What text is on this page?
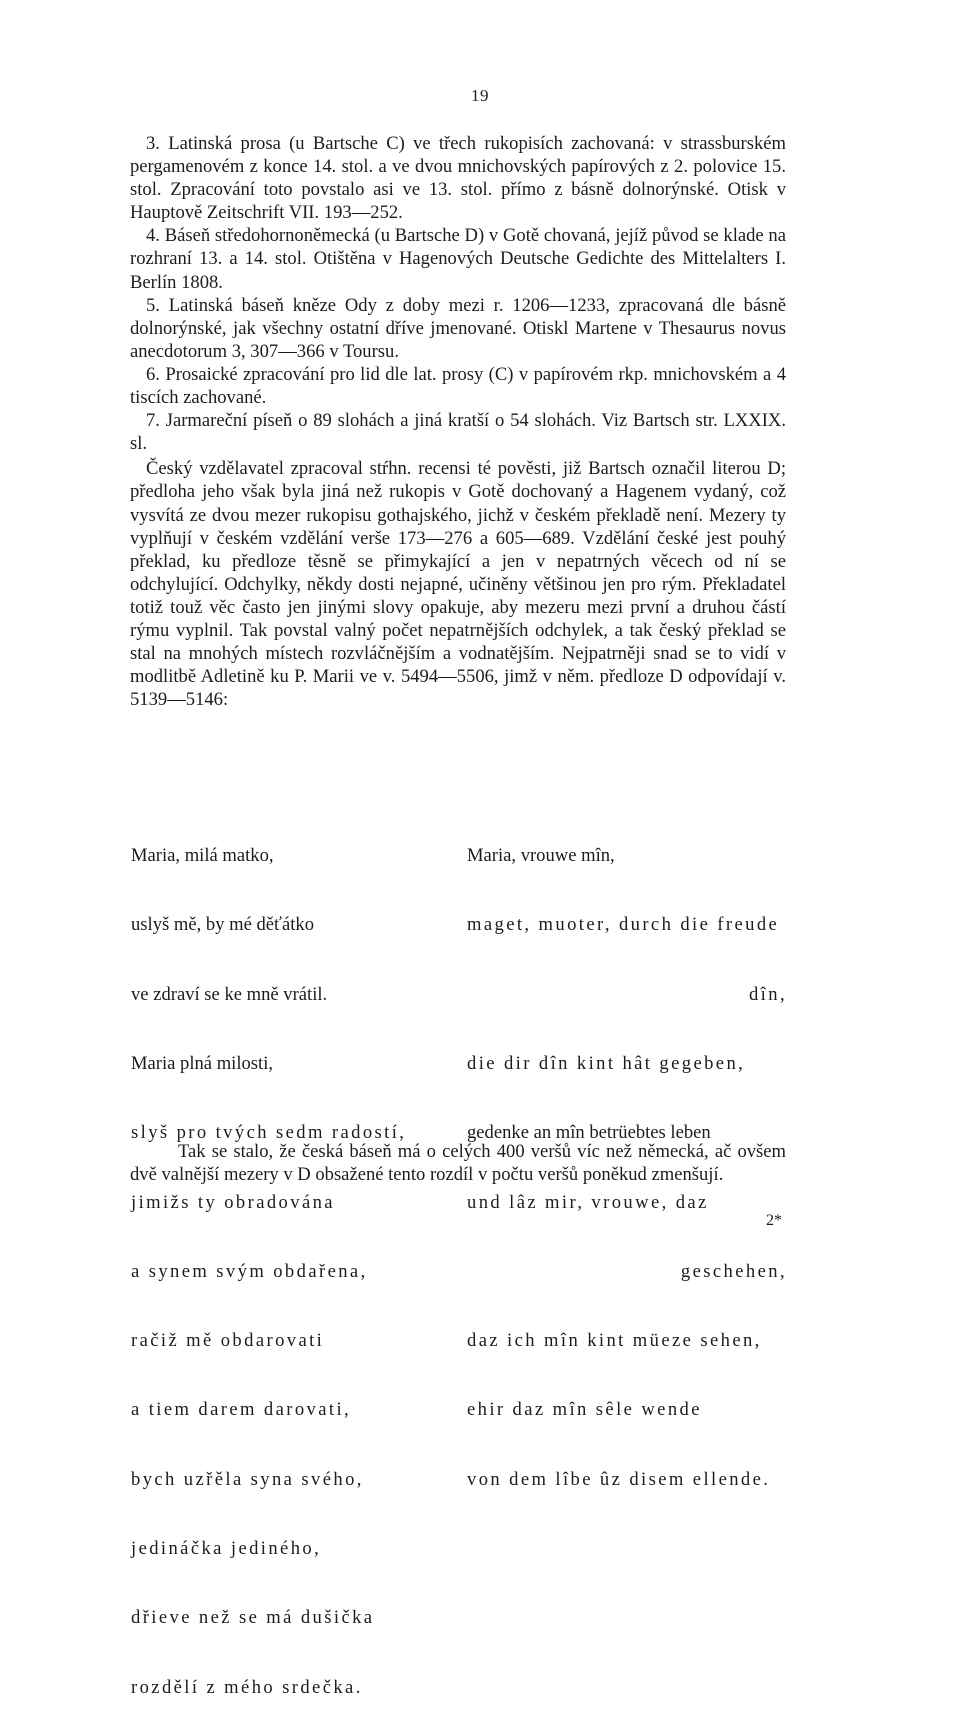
19

3. Latinská prosa (u Bartsche C) ve třech rukopisích zachovaná: v strassburském pergamenovém z konce 14. stol. a ve dvou mnichovských papírových z 2. polovice 15. stol. Zpracování toto povstalo asi ve 13. stol. přímo z básně dolnorýnské. Otisk v Hauptově Zeitschrift VII. 193—252.

4. Báseň středohornoněmecká (u Bartsche D) v Gotě chovaná, jejíž původ se klade na rozhraní 13. a 14. stol. Otištěna v Hagenových Deutsche Gedichte des Mittelalters I. Berlín 1808.

5. Latinská báseň kněze Ody z doby mezi r. 1206—1233, zpracovaná dle básně dolnorýnské, jak všechny ostatní dříve jmenované. Otiskl Martene v Thesaurus novus anecdotorum 3, 307—366 v Toursu.

6. Prosaické zpracování pro lid dle lat. prosy (C) v papírovém rkp. mnichovském a 4 tiscích zachované.

7. Jarmareční píseň o 89 slohách a jiná kratší o 54 slohách. Viz Bartsch str. LXXIX. sl.

Český vzdělavatel zpracoval stŕhn. recensi té pověsti, již Bartsch označil literou D; předloha jeho však byla jiná než rukopis v Gotě dochovaný a Hagenem vydaný, což vysvítá ze dvou mezer rukopisu gothajského, jichž v českém překladě není. Mezery ty vyplňují v českém vzdělání verše 173—276 a 605—689. Vzdělání české jest pouhý překlad, ku předloze těsně se přimykající a jen v nepatrných věcech od ní se odchylující. Odchylky, někdy dosti nejapné, učiněny většinou jen pro rým. Překladatel totiž touž věc často jen jinými slovy opakuje, aby mezeru mezi první a druhou částí rýmu vyplnil. Tak povstal valný počet nepatrnějších odchylek, a tak český překlad se stal na mnohých místech rozvláčnějším a vodnatějším. Nejpatrněji snad se to vidí v modlitbě Adletině ku P. Marii ve v. 5494—5506, jimž v něm. předloze D odpovídají v. 5139—5146:

Maria, milá matko,

uslyš mě, by mé děťátko

ve zdraví se ke mně vrátil.

Maria plná milosti,

slyš pro tvých sedm radostí,

jimižs ty obradována

a synem svým obdařena,

račiž mě obdarovati

a tiem darem darovati,

bych uzřěla syna svého,

jedináčka jediného,

dřieve než se má dušička

rozdělí z mého srdečka.

Maria, vrouwe mîn,

maget, muoter, durch die freude

dîn,

die dir dîn kint hât gegeben,

gedenke an mîn betrüebtes leben

und lâz mir, vrouwe, daz

geschehen,

daz ich mîn kint müeze sehen,

ehir daz mîn sêle wende

von dem lîbe ûz disem ellende.

Tak se stalo, že česká báseň má o celých 400 veršů víc než německá, ač ovšem dvě valnější mezery v D obsažené tento rozdíl v počtu veršů poněkud zmenšují.

2*
